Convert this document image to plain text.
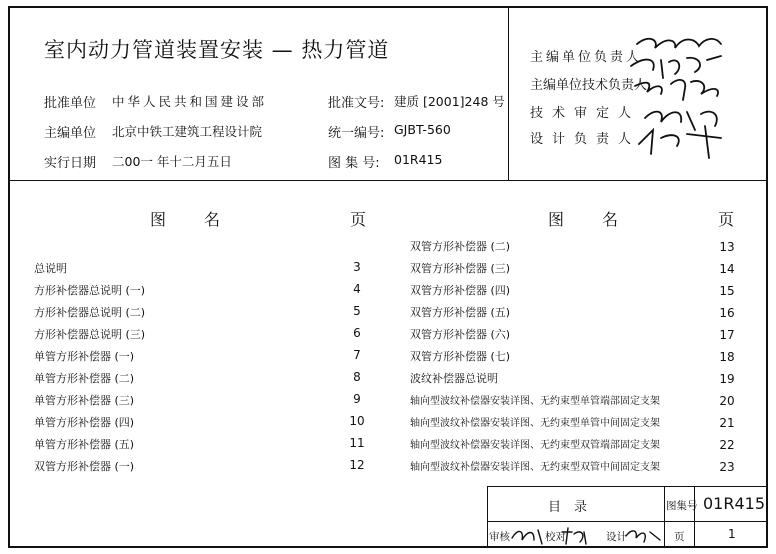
室内动力管道装置安装 — 热力管道
批准单位 中华人民共和国建设部	批准文号: 建质 [2001]248 号
主编单位 北京中铁工建筑工程设计院	统一编号: GJBT-560
实行日期 二00一 年十二月五日	图 集 号: 01R415
主编单位负责人
主编单位技术负责人
技术审定人
设计负责人
图　　名	页	图　　名	页
总说明	3
方形补偿器总说明 (一)	4
方形补偿器总说明 (二)	5
方形补偿器总说明 (三)	6
单管方形补偿器 (一)	7
单管方形补偿器 (二)	8
单管方形补偿器 (三)	9
单管方形补偿器 (四)	10
单管方形补偿器 (五)	11
双管方形补偿器 (一)	12
双管方形补偿器 (二)	13
双管方形补偿器 (三)	14
双管方形补偿器 (四)	15
双管方形补偿器 (五)	16
双管方形补偿器 (六)	17
双管方形补偿器 (七)	18
波纹补偿器总说明	19
轴向型波纹补偿器安装详图、无约束型单管端部固定支架	20
轴向型波纹补偿器安装详图、无约束型单管中间固定支架	21
轴向型波纹补偿器安装详图、无约束型双管端部固定支架	22
轴向型波纹补偿器安装详图、无约束型双管中间固定支架	23
目　录	图集号 01R415
审核	校对	设计	页	1
